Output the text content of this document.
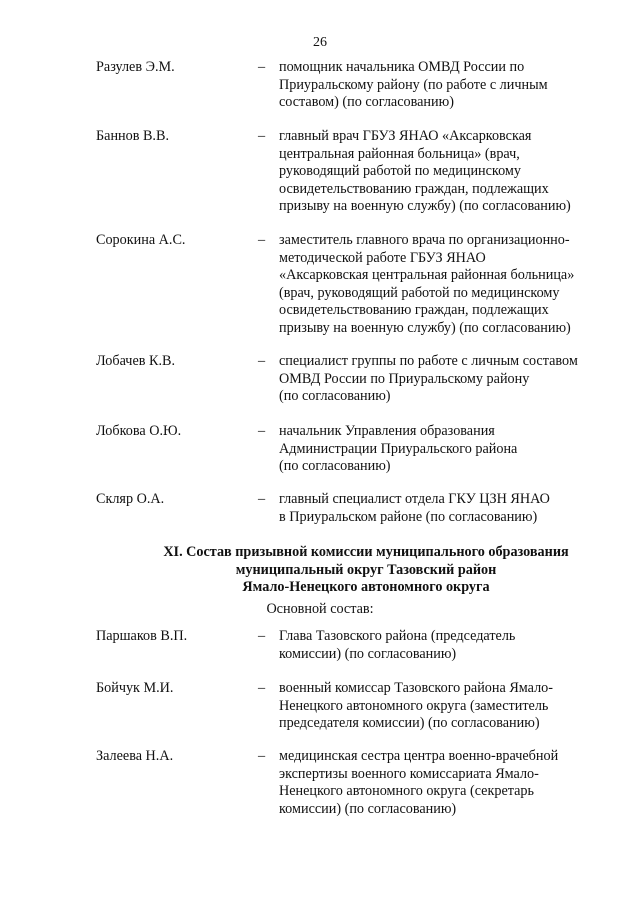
26
Разулев Э.М.	– помощник начальника ОМВД России по
Приуральскому району (по работе с личным
составом) (по согласованию)
Баннов В.В.	– главный врач ГБУЗ ЯНАО «Аксарковская
центральная районная больница» (врач,
руководящий работой по медицинскому
освидетельствованию граждан, подлежащих
призыву на военную службу) (по согласованию)
Сорокина А.С.	– заместитель главного врача по организационно-
методической работе ГБУЗ ЯНАО
«Аксарковская центральная районная больница»
(врач, руководящий работой по медицинскому
освидетельствованию граждан, подлежащих
призыву на военную службу) (по согласованию)
Лобачев К.В.	– специалист группы по работе с личным составом
ОМВД России по Приуральскому району
(по согласованию)
Лобкова О.Ю.	– начальник Управления образования
Администрации Приуральского района
(по согласованию)
Скляр О.А.	– главный специалист отдела ГКУ ЦЗН ЯНАО
в Приуральском районе (по согласованию)
XI. Состав призывной комиссии муниципального образования
муниципальный округ Тазовский район
Ямало-Ненецкого автономного округа
Основной состав:
Паршаков В.П.	– Глава Тазовского района (председатель
комиссии) (по согласованию)
Бойчук М.И.	– военный комиссар Тазовского района Ямало-
Ненецкого автономного округа (заместитель
председателя комиссии) (по согласованию)
Залеева Н.А.	– медицинская сестра центра военно-врачебной
экспертизы военного комиссариата Ямало-
Ненецкого автономного округа (секретарь
комиссии) (по согласованию)
